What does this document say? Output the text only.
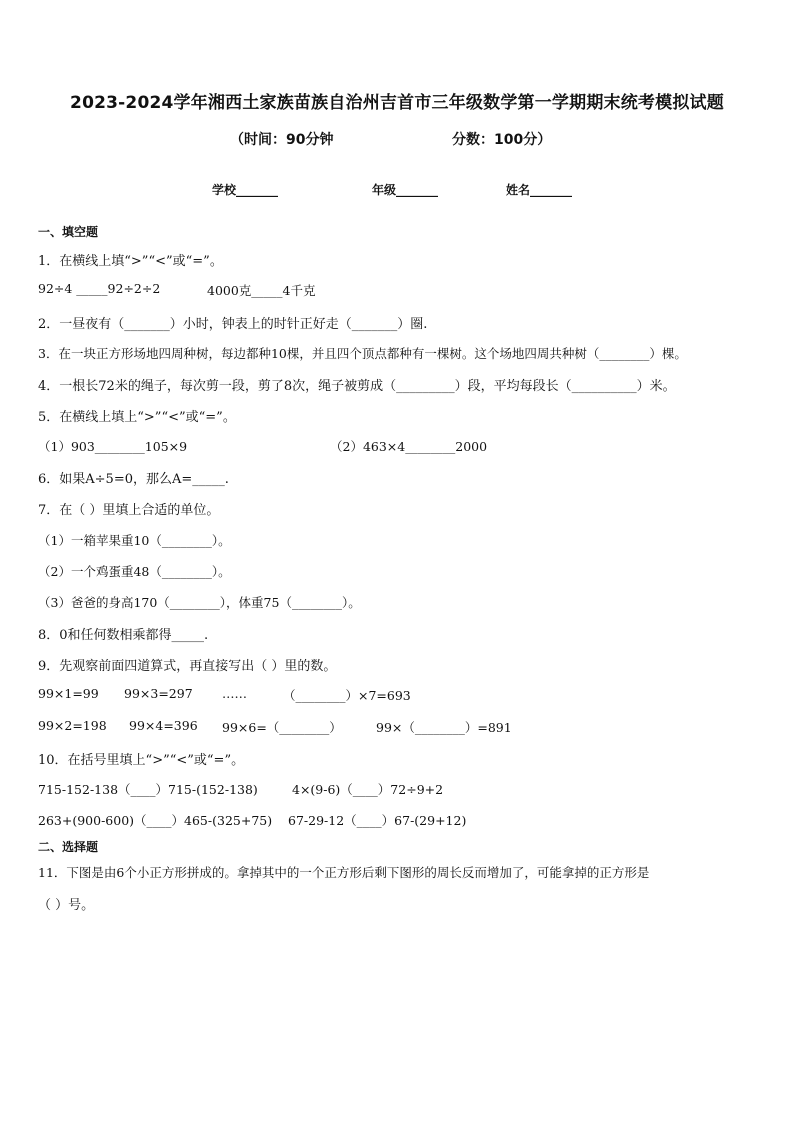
2023-2024学年湘西土家族苗族自治州吉首市三年级数学第一学期期末统考模拟试题
（时间：90分钟	分数：100分）
学校_______	年级_______	姓名_______
一、填空题
1．在横线上填“>”“<”或“=”。
92÷4 _____92÷2÷2	4000克_____4千克
2．一昼夜有（_______）小时，钟表上的时针正好走（_______）圈.
3．在一块正方形场地四周种树，每边都种10棵，并且四个顶点都种有一棵树。这个场地四周共种树（________）棵。
4．一根长72米的绳子，每次剪一段，剪了8次，绳子被剪成（_________）段，平均每段长（__________）米。
5．在横线上填上“>”“<”或“=”。
（1）903________105×9	（2）463×4________2000
6．如果A÷5=0，那么A=_____.
7．在（ ）里填上合适的单位。
（1）一箱苹果重10（________）。
（2）一个鸡蛋重48（________）。
（3）爸爸的身高170（________），体重75（________）。
8．0和任何数相乘都得_____.
9．先观察前面四道算式，再直接写出（ ）里的数。
99×1=99 99×3=297 ……	（________）×7=693
99×2=198 99×4=396 99×6=（________）	99×（________）=891
10．在括号里填上“>”“<”或“=”。
715-152-138（____）715-(152-138)	4×(9-6)（____）72÷9+2
263+(900-600)（____）465-(325+75) 67-29-12（____）67-(29+12)
二、选择题
11．下图是由6个小正方形拼成的。拿掉其中的一个正方形后剩下图形的周长反而增加了，可能拿掉的正方形是
（ ）号。
